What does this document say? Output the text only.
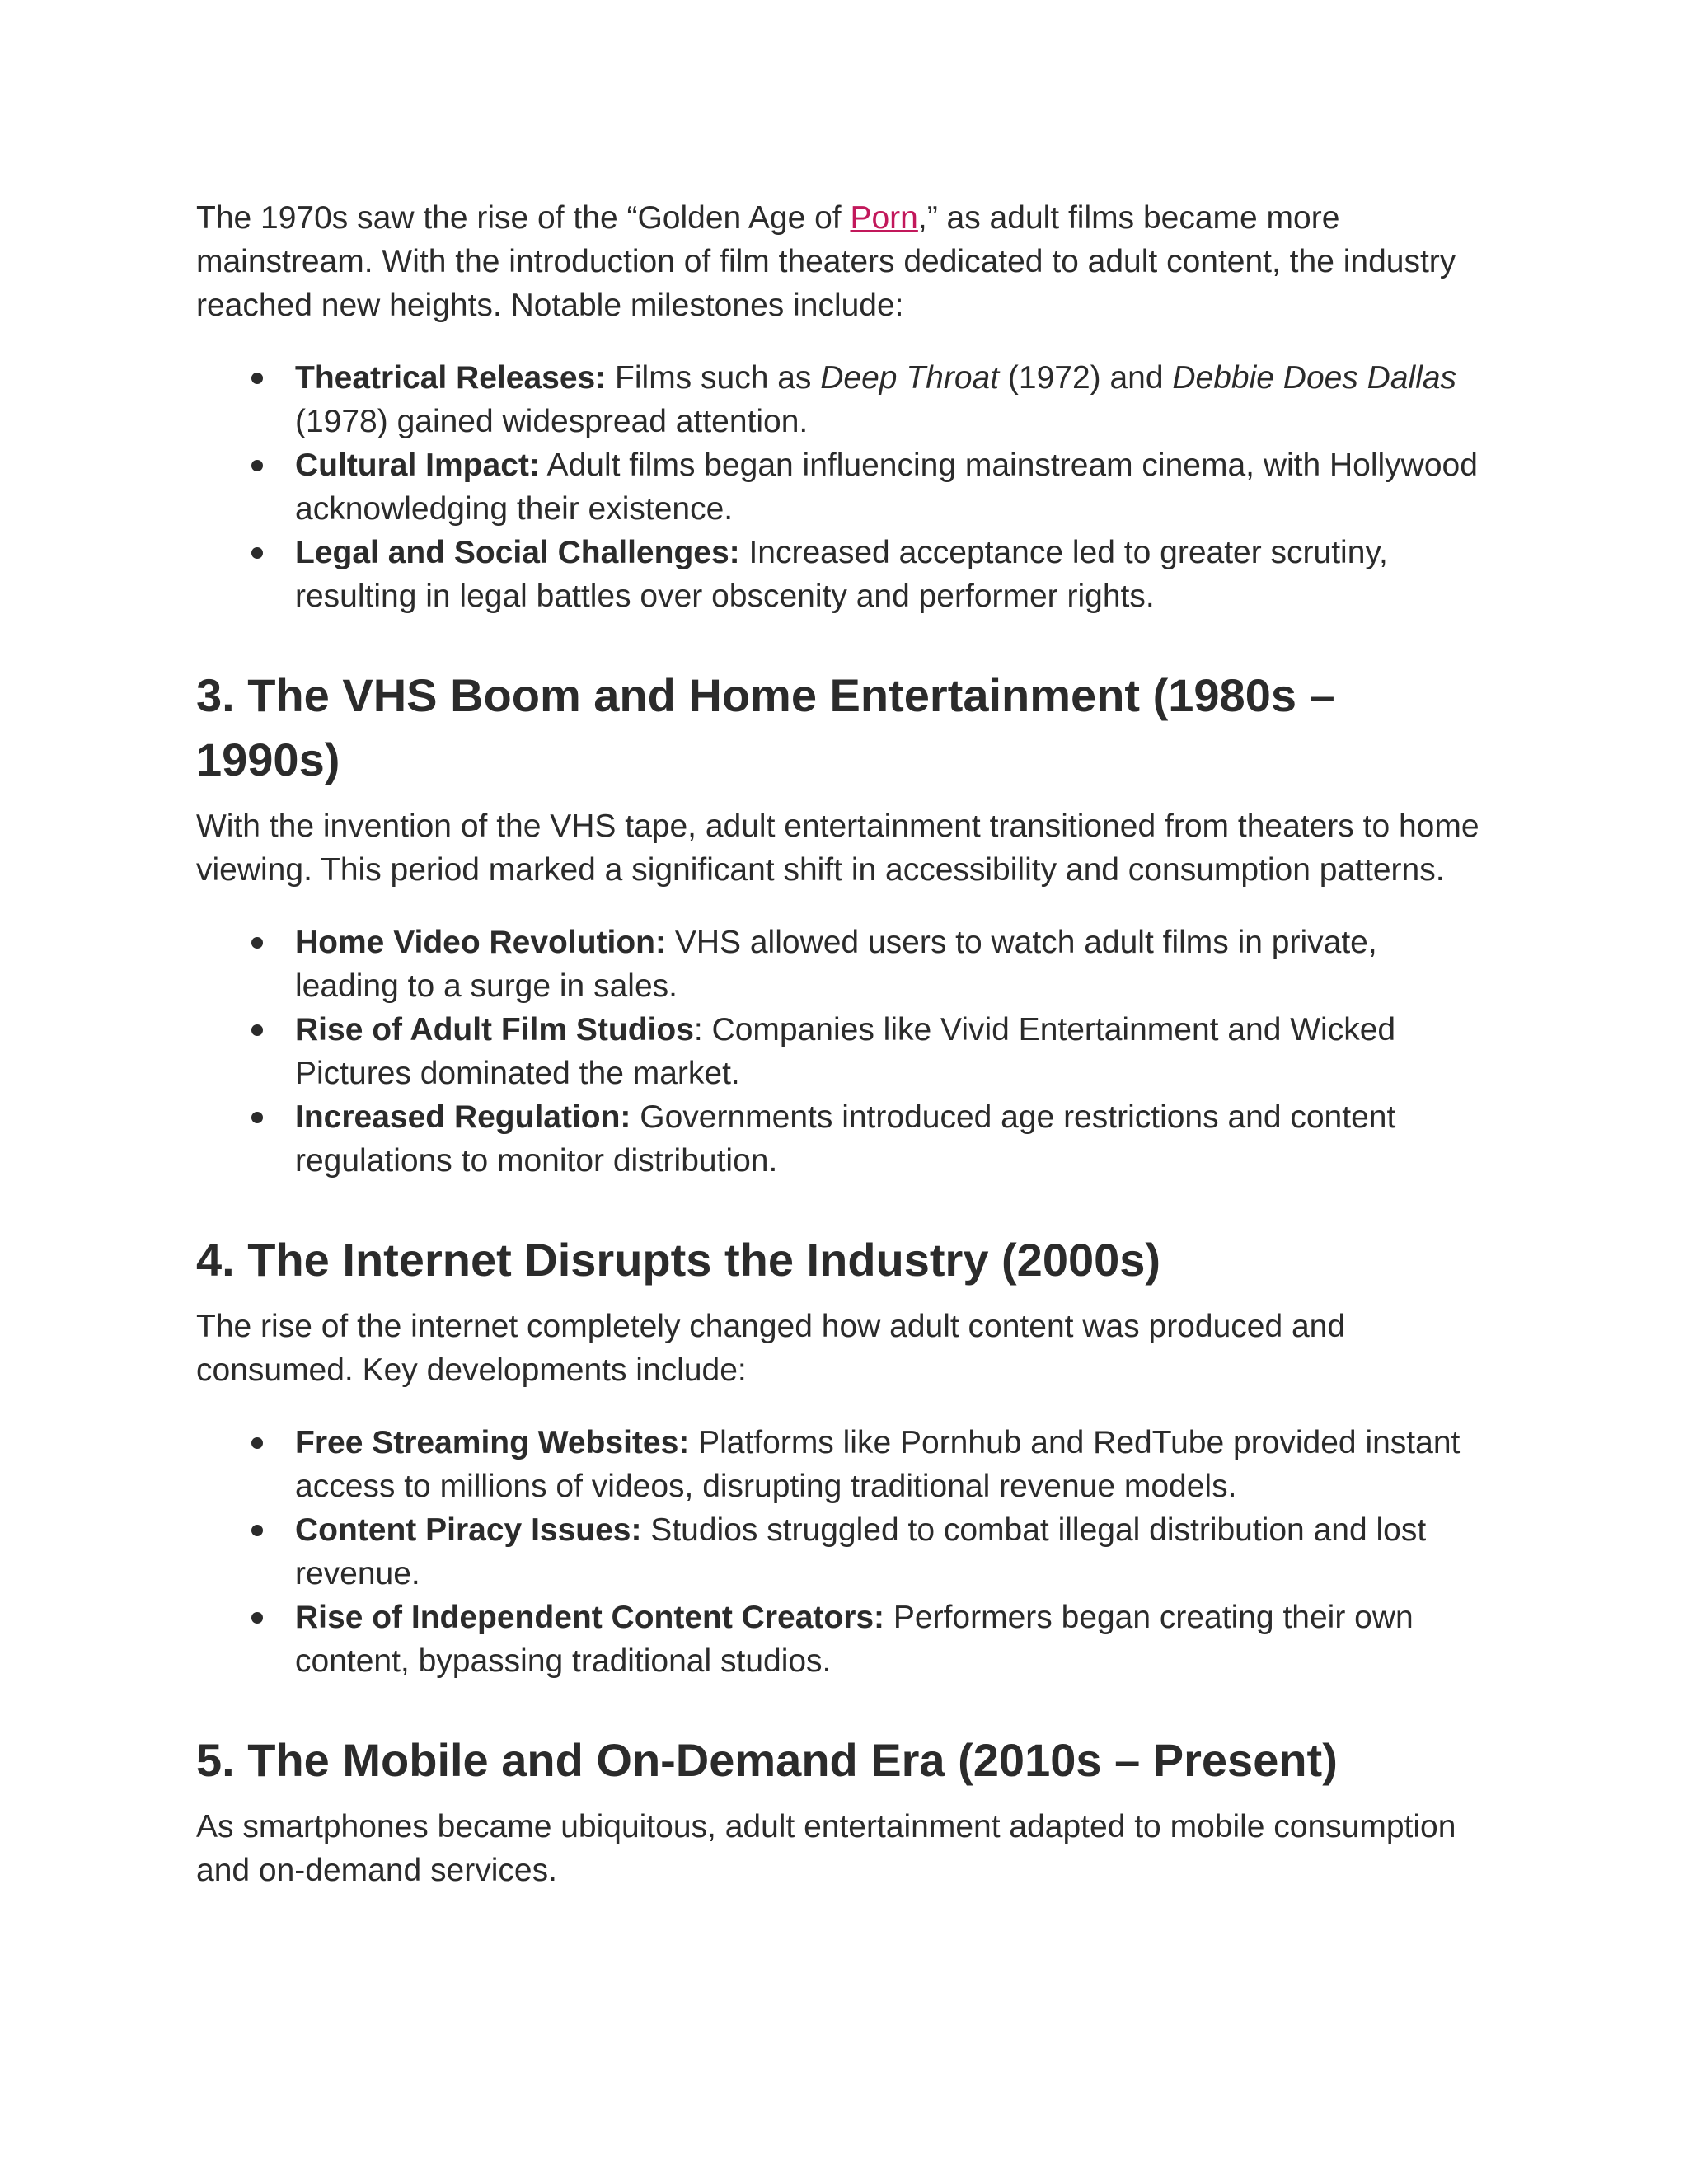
The 1970s saw the rise of the “Golden Age of Porn,” as adult films became more mainstream. With the introduction of film theaters dedicated to adult content, the industry reached new heights. Notable milestones include:

Theatrical Releases: Films such as Deep Throat (1972) and Debbie Does Dallas (1978) gained widespread attention.
Cultural Impact: Adult films began influencing mainstream cinema, with Hollywood acknowledging their existence.
Legal and Social Challenges: Increased acceptance led to greater scrutiny, resulting in legal battles over obscenity and performer rights.
3. The VHS Boom and Home Entertainment (1980s – 1990s)

With the invention of the VHS tape, adult entertainment transitioned from theaters to home viewing. This period marked a significant shift in accessibility and consumption patterns.

Home Video Revolution: VHS allowed users to watch adult films in private, leading to a surge in sales.
Rise of Adult Film Studios: Companies like Vivid Entertainment and Wicked Pictures dominated the market.
Increased Regulation: Governments introduced age restrictions and content regulations to monitor distribution.
4. The Internet Disrupts the Industry (2000s)

The rise of the internet completely changed how adult content was produced and consumed. Key developments include:

Free Streaming Websites: Platforms like Pornhub and RedTube provided instant access to millions of videos, disrupting traditional revenue models.
Content Piracy Issues: Studios struggled to combat illegal distribution and lost revenue.
Rise of Independent Content Creators: Performers began creating their own content, bypassing traditional studios.
5. The Mobile and On-Demand Era (2010s – Present)

As smartphones became ubiquitous, adult entertainment adapted to mobile consumption and on-demand services.
